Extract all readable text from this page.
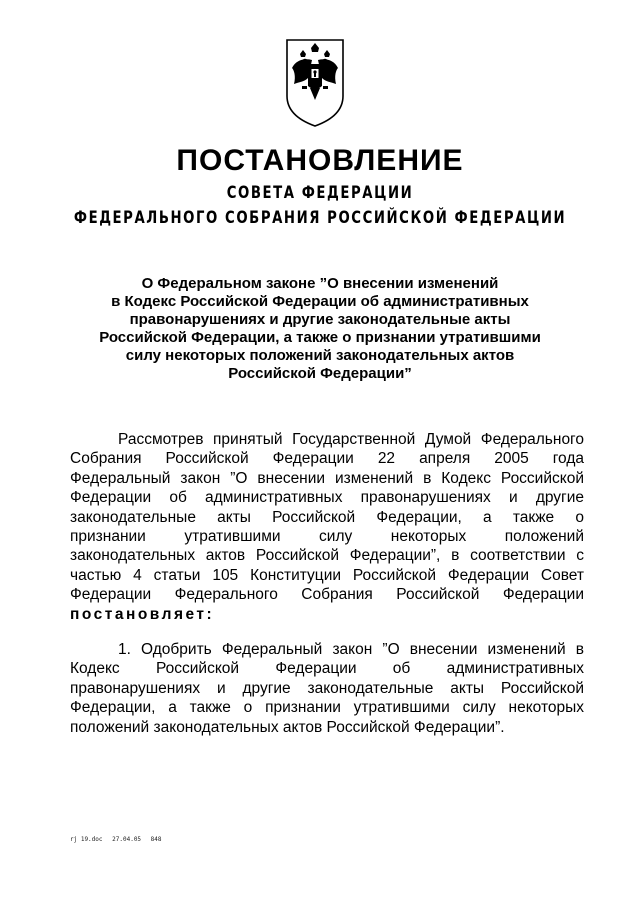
ПОСТАНОВЛЕНИЕ
СОВЕТА ФЕДЕРАЦИИ
ФЕДЕРАЛЬНОГО СОБРАНИЯ РОССИЙСКОЙ ФЕДЕРАЦИИ
О Федеральном законе ”О внесении изменений
в Кодекс Российской Федерации об административных
правонарушениях и другие законодательные акты
Российской Федерации, а также о признании утратившими
силу некоторых положений законодательных актов
Российской Федерации”
Рассмотрев принятый Государственной Думой Федерального
Собрания Российской Федерации 22 апреля 2005 года
Федеральный закон ”О внесении изменений в Кодекс Российской
Федерации об административных правонарушениях и другие
законодательные акты Российской Федерации, а также о
признании утратившими силу некоторых положений
законодательных актов Российской Федерации”, в соответствии с
частью 4 статьи 105 Конституции Российской Федерации Совет
Федерации Федерального Собрания Российской Федерации
постановляет:
1. Одобрить Федеральный закон ”О внесении изменений в
Кодекс Российской Федерации об административных
правонарушениях и другие законодательные акты Российской
Федерации, а также о признании утратившими силу некоторых
положений законодательных актов Российской Федерации”.
rj 19.doc 27.04.05 848
